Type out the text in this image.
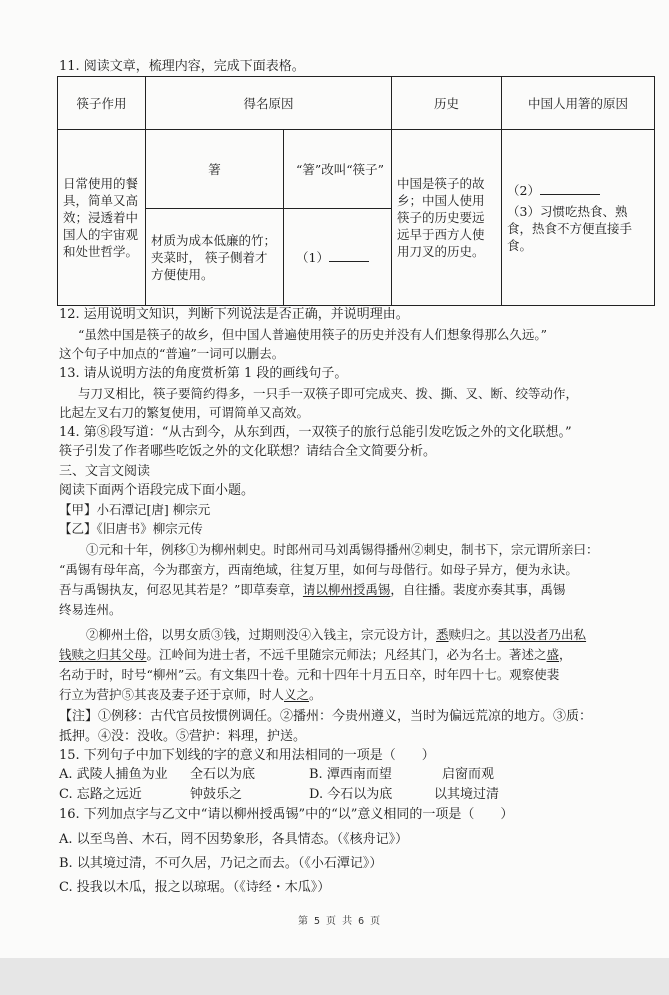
11. 阅读文章，梳理内容，完成下面表格。
筷子作用	得名原因		历史	中国人用箸的原因
日常使用的餐具，简单又高效；浸透着中国人的宇宙观和处世哲学。	箸	“箸”改叫“筷子”	中国是筷子的故乡；中国人使用筷子的历史要远远早于西方人使用刀叉的历史。	（2）
（3）习惯吃热食、熟食，热食不方便直接手食。

	材质为成本低廉的竹；夹菜时， 筷子侧着才方便使用。	（1）		
12. 运用说明文知识，判断下列说法是否正确，并说明理由。
“虽然中国是筷子的故乡，但中国人普遍使用筷子的历史并没有人们想象得那么久远。”
这个句子中加点的“普遍”一词可以删去。
13. 请从说明方法的角度赏析第 1 段的画线句子。
与刀叉相比，筷子要简约得多，一只手一双筷子即可完成夹、拨、撕、叉、断、绞等动作，
比起左叉右刀的繁复使用，可谓简单又高效。
14. 第⑧段写道：“从古到今，从东到西，一双筷子的旅行总能引发吃饭之外的文化联想。”
筷子引发了作者哪些吃饭之外的文化联想？请结合全文简要分析。
三、文言文阅读
阅读下面两个语段完成下面小题。
【甲】小石潭记[唐] 柳宗元
【乙】《旧唐书》柳宗元传
①元和十年，例移①为柳州刺史。时郎州司马刘禹锡得播州②刺史，制书下，宗元谓所亲曰：
“禹锡有母年高，今为郡蛮方，西南绝域，往复万里，如何与母偕行。如母子异方，便为永诀。
吾与禹锡执友，何忍见其若是？”即草奏章，请以柳州授禹锡，自往播。裴度亦奏其事，禹锡
终易连州。
②柳州土俗，以男女质③钱，过期则没④入钱主，宗元设方计，悉赎归之。其以没者乃出私
钱赎之归其父母。江岭间为进士者，不远千里随宗元师法；凡经其门，必为名士。著述之盛，
名动于时，时号“柳州”云。有文集四十卷。元和十四年十月五日卒，时年四十七。观察使裴
行立为营护⑤其丧及妻子还于京师，时人义之。
【注】①例移：古代官员按惯例调任。②播州：今贵州遵义，当时为偏远荒凉的地方。③质：
抵押。④没：没收。⑤营护：料理，护送。
15. 下列句子中加下划线的字的意义和用法相同的一项是（　　）
A. 武陵人捕鱼为业 全石以为底	B. 潭西南而望	启窗而观
C. 忘路之远近	钟鼓乐之	D. 今石以为底	以其境过清
16. 下列加点字与乙文中“请以柳州授禹锡”中的“以”意义相同的一项是（　　）
A. 以至鸟兽、木石，罔不因势象形，各具情态。（《核舟记》）
B. 以其境过清，不可久居，乃记之而去。（《小石潭记》）
C. 投我以木瓜，报之以琼琚。（《诗经・木瓜》）
第 5 页 共 6 页
